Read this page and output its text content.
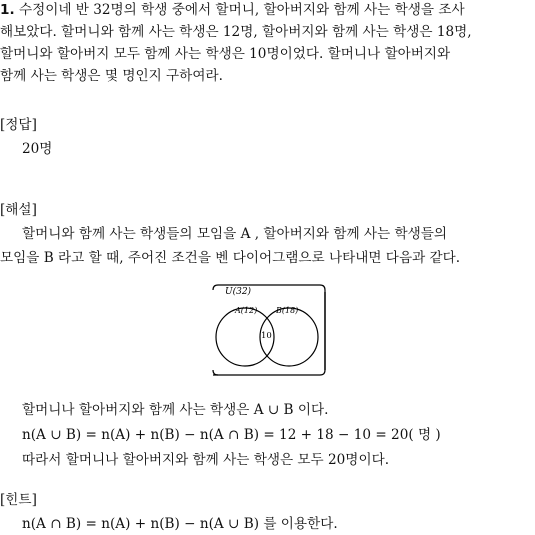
1. 수정이네 반 32명의 학생 중에서 할머니, 할아버지와 함께 사는 학생을 조사
해보았다. 할머니와 함께 사는 학생은 12명, 할아버지와 함께 사는 학생은 18명,
할머니와 할아버지 모두 함께 사는 학생은 10명이었다. 할머니나 할아버지와
함께 사는 학생은 몇 명인지 구하여라.
[정답]
20명
[해설]
할머니와 함께 사는 학생들의 모임을 A , 할아버지와 함께 사는 학생들의
모임을 B 라고 할 때, 주어진 조건을 벤 다이어그램으로 나타내면 다음과 같다.
U(32)
A(12) B(18)
10
할머니나 할아버지와 함께 사는 학생은 A ∪ B 이다.
n(A ∪ B) = n(A) + n(B) − n(A ∩ B) = 12 + 18 − 10 = 20( 명 )
따라서 할머니나 할아버지와 함께 사는 학생은 모두 20명이다.
[힌트]
n(A ∩ B) = n(A) + n(B) − n(A ∪ B) 를 이용한다.
